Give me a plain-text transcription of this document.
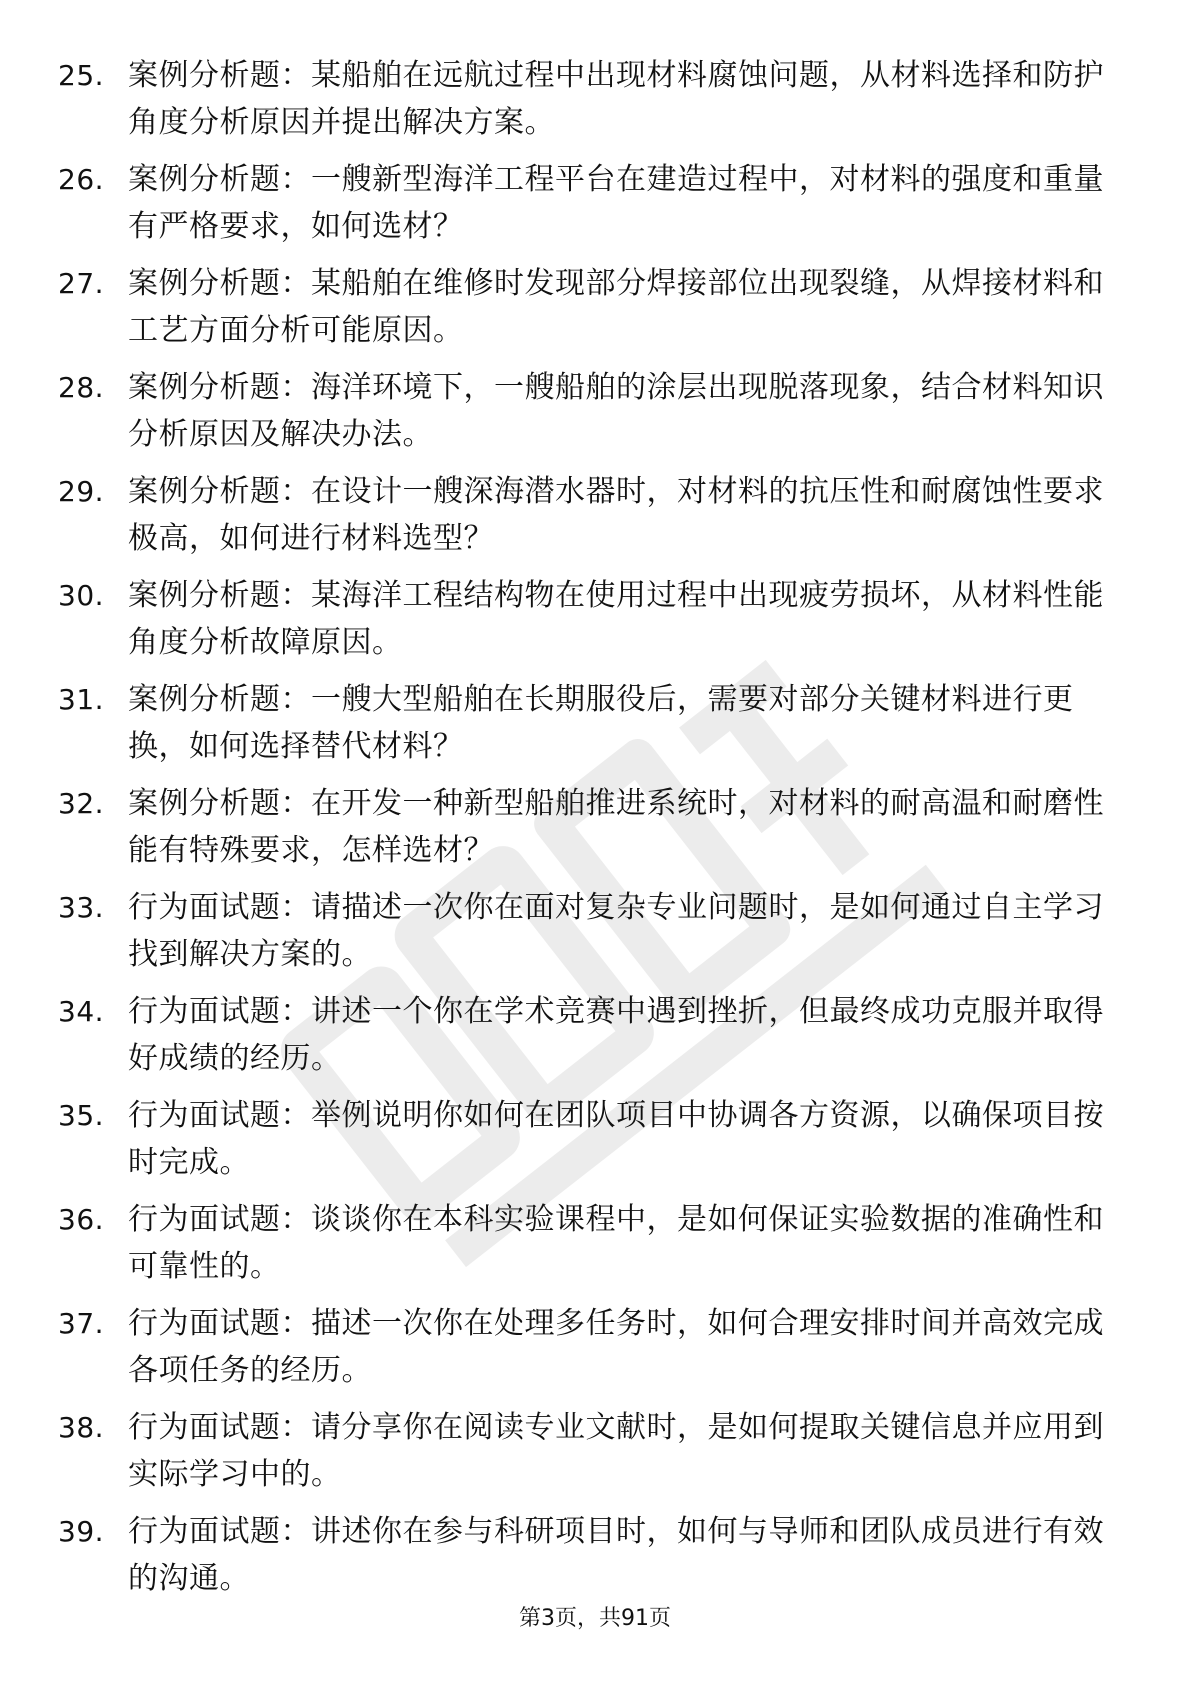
25. 案例分析题：某船舶在远航过程中出现材料腐蚀问题，从材料选择和防护角度分析原因并提出解决方案。
26. 案例分析题：一艘新型海洋工程平台在建造过程中，对材料的强度和重量有严格要求，如何选材？
27. 案例分析题：某船舶在维修时发现部分焊接部位出现裂缝，从焊接材料和工艺方面分析可能原因。
28. 案例分析题：海洋环境下，一艘船舶的涂层出现脱落现象，结合材料知识分析原因及解决办法。
29. 案例分析题：在设计一艘深海潜水器时，对材料的抗压性和耐腐蚀性要求极高，如何进行材料选型？
30. 案例分析题：某海洋工程结构物在使用过程中出现疲劳损坏，从材料性能角度分析故障原因。
31. 案例分析题：一艘大型船舶在长期服役后，需要对部分关键材料进行更换，如何选择替代材料？
32. 案例分析题：在开发一种新型船舶推进系统时，对材料的耐高温和耐磨性能有特殊要求，怎样选材？
33. 行为面试题：请描述一次你在面对复杂专业问题时，是如何通过自主学习找到解决方案的。
34. 行为面试题：讲述一个你在学术竞赛中遇到挫折，但最终成功克服并取得好成绩的经历。
35. 行为面试题：举例说明你如何在团队项目中协调各方资源，以确保项目按时完成。
36. 行为面试题：谈谈你在本科实验课程中，是如何保证实验数据的准确性和可靠性的。
37. 行为面试题：描述一次你在处理多任务时，如何合理安排时间并高效完成各项任务的经历。
38. 行为面试题：请分享你在阅读专业文献时，是如何提取关键信息并应用到实际学习中的。
39. 行为面试题：讲述你在参与科研项目时，如何与导师和团队成员进行有效的沟通。
第3页，共91页
